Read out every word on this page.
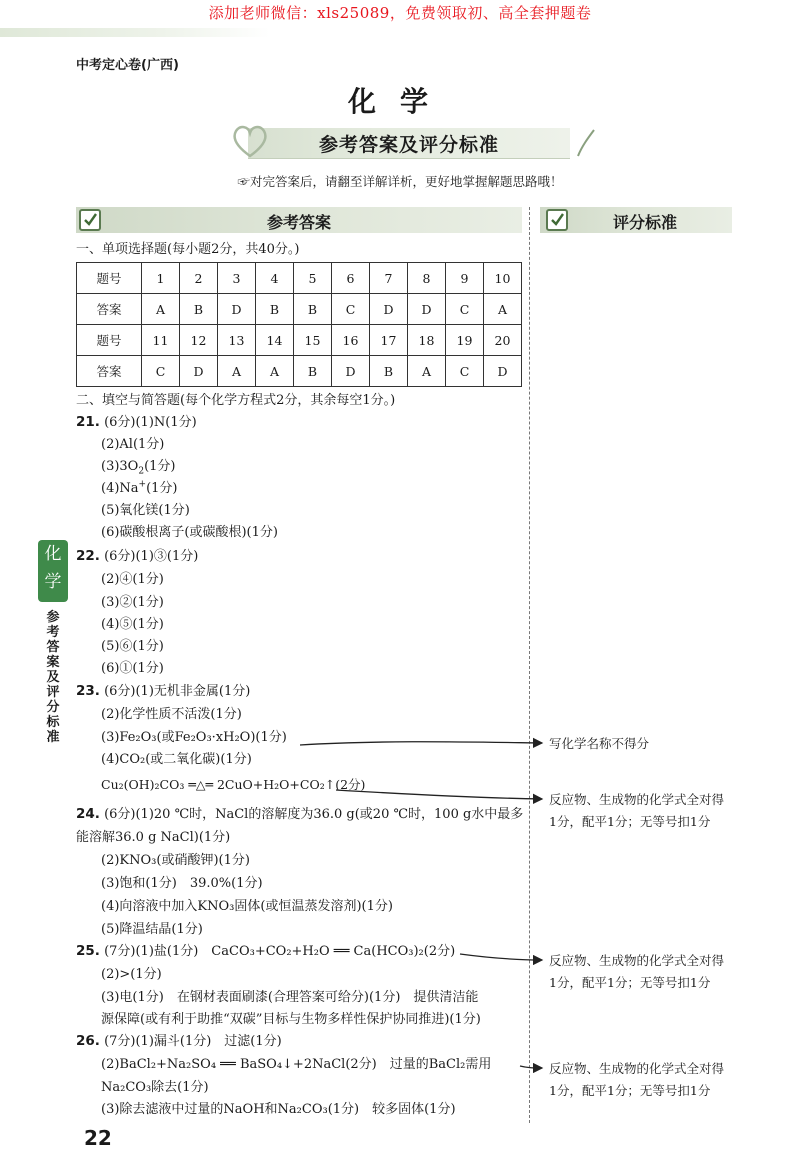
添加老师微信：xls25089，免费领取初、高全套押题卷
中考定心卷(广西)
化学
参考答案及评分标准
☞对完答案后，请翻至详解详析，更好地掌握解题思路哦！
参考答案	评分标准
一、单项选择题(每小题2分，共40分。)
题号	1	2	3	4	5	6	7	8	9	10
答案	A	B	D	B	B	C	D	D	C	A
题号	11	12	13	14	15	16	17	18	19	20
答案	C	D	A	A	B	D	B	A	C	D
二、填空与简答题(每个化学方程式2分，其余每空1分。)
21. (6分)(1)N(1分)
(2)Al(1分)
$(3)3O_2(1$分)
(4)Na+(1分)
(5)氧化镁(1分)
(6)碳酸根离子(或碳酸根)(1分)
22. (6分)(1)③(1分)
(2)④(1分)
(3)②(1分)
(4)⑤(1分)
(5)⑥(1分)
(6)①(1分)
23. (6分)(1)无机非金属(1分)
(2)化学性质不活泼(1分)
(3)Fe₂O₃(或Fe₂O₃·xH₂O)(1分)
(4)CO₂(或二氧化碳)(1分)
Cu₂(OH)₂CO₃ ═△═ 2CuO+H₂O+CO₂↑(2分)
24. (6分)(1)20 ℃时，NaCl的溶解度为36.0 g(或20 ℃时，100 g水中最多
能溶解36.0 g NaCl)(1分)
(2)KNO₃(或硝酸钾)(1分)
(3)饱和(1分)　39.0%(1分)
(4)向溶液中加入KNO₃固体(或恒温蒸发溶剂)(1分)
(5)降温结晶(1分)
25. (7分)(1)盐(1分)　CaCO₃+CO₂+H₂O ══ Ca(HCO₃)₂(2分)
(2)>(1分)
(3)电(1分)　在钢材表面刷漆(合理答案可给分)(1分)　提供清洁能
源保障(或有利于助推“双碳”目标与生物多样性保护协同推进)(1分)
26. (7分)(1)漏斗(1分)　过滤(1分)
(2)BaCl₂+Na₂SO₄ ══ BaSO₄↓+2NaCl(2分)　过量的BaCl₂需用
Na₂CO₃除去(1分)
(3)除去滤液中过量的NaOH和Na₂CO₃(1分)　较多固体(1分)
写化学名称不得分
反应物、生成物的化学式全对得
1分，配平1分；无等号扣1分
反应物、生成物的化学式全对得
1分，配平1分；无等号扣1分
反应物、生成物的化学式全对得
1分，配平1分；无等号扣1分
化学
参考答案及评分标准
22
